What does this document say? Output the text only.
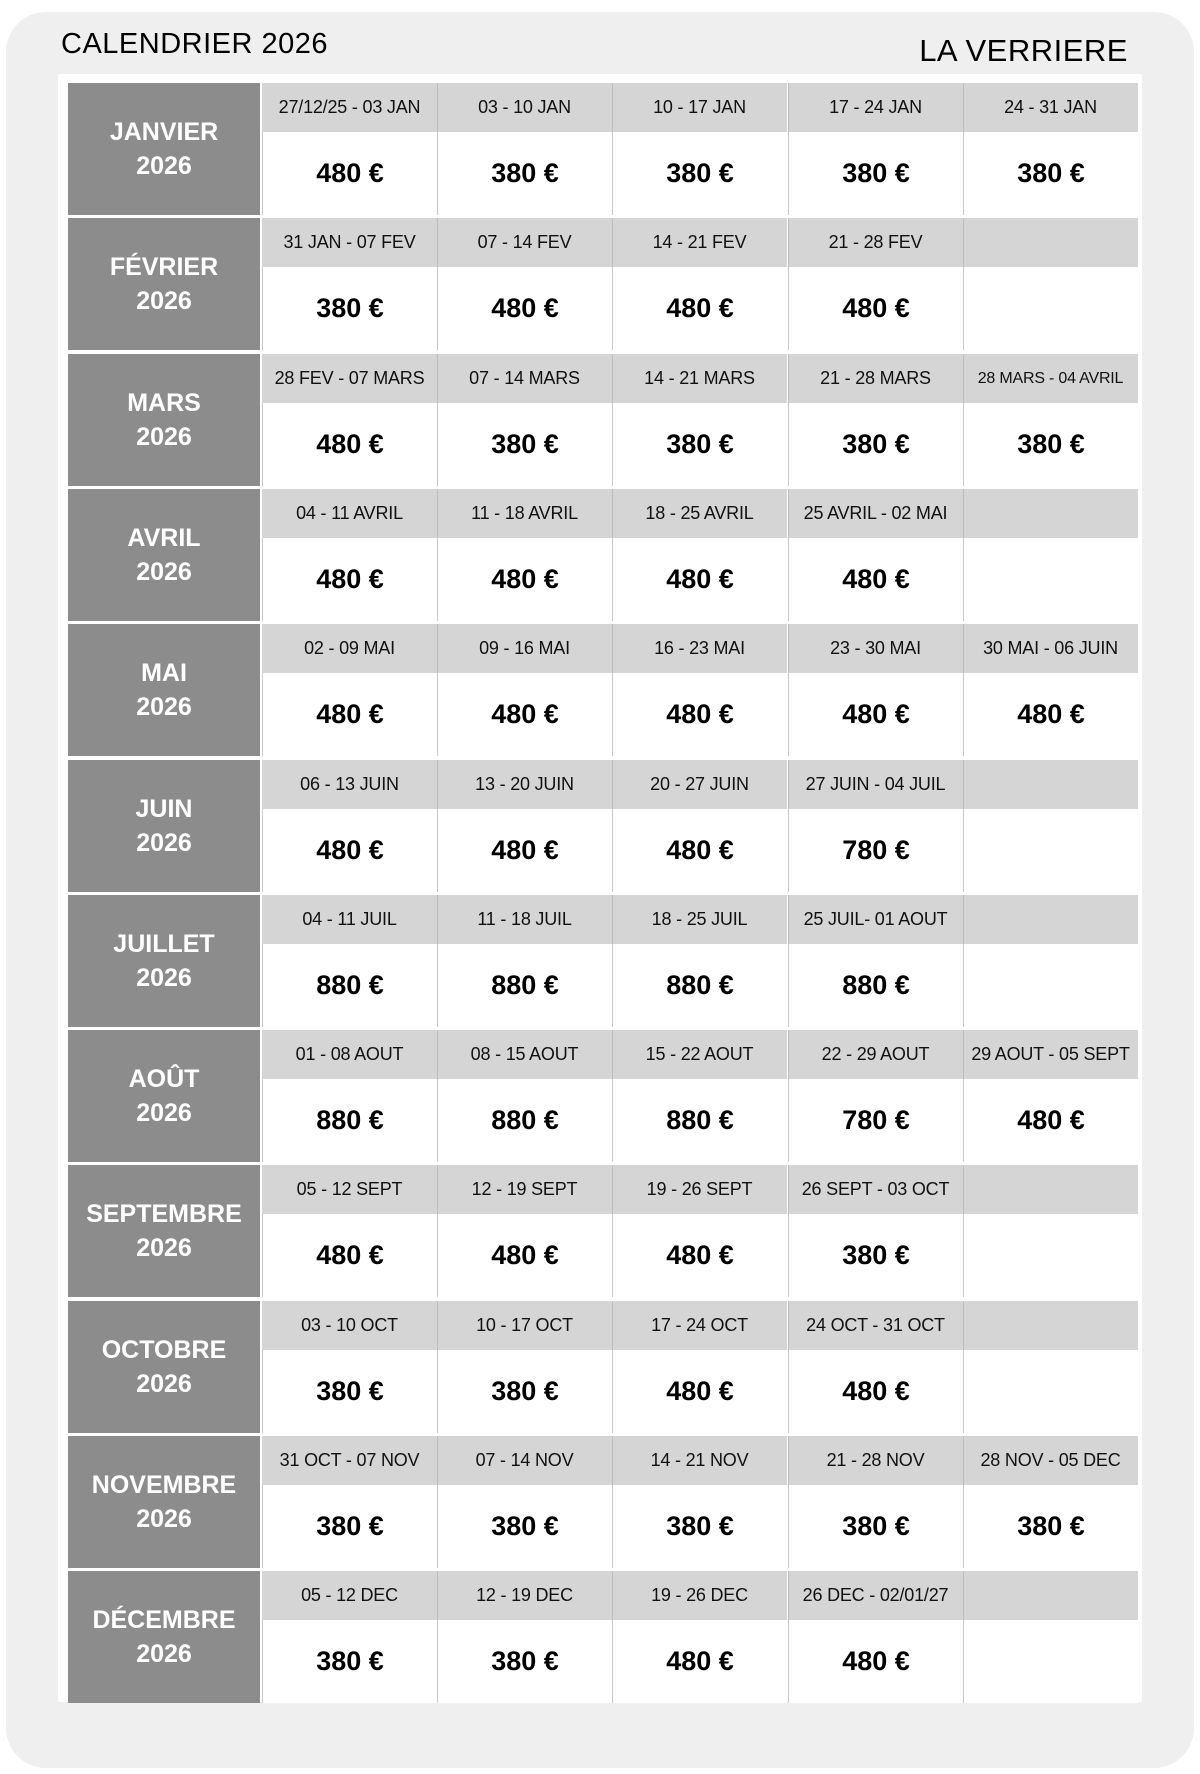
CALENDRIER 2026	LA VERRIERE
JANVIER
2026
27/12/25 - 03 JAN
480 €
03 - 10 JAN
380 €
10 - 17 JAN
380 €
17 - 24 JAN
380 €
24 - 31 JAN
380 €
FÉVRIER
2026
31 JAN - 07 FEV
380 €
07 - 14 FEV
480 €
14 - 21 FEV
480 €
21 - 28 FEV
480 €
MARS
2026
28 FEV - 07 MARS
480 €
07 - 14 MARS
380 €
14 - 21 MARS
380 €
21 - 28 MARS
380 €
28 MARS - 04 AVRIL
380 €
AVRIL
2026
04 - 11 AVRIL
480 €
11 - 18 AVRIL
480 €
18 - 25 AVRIL
480 €
25 AVRIL - 02 MAI
480 €
MAI
2026
02 - 09 MAI
480 €
09 - 16 MAI
480 €
16 - 23 MAI
480 €
23 - 30 MAI
480 €
30 MAI - 06 JUIN
480 €
JUIN
2026
06 - 13 JUIN
480 €
13 - 20 JUIN
480 €
20 - 27 JUIN
480 €
27 JUIN - 04 JUIL
780 €
JUILLET
2026
04 - 11 JUIL
880 €
11 - 18 JUIL
880 €
18 - 25 JUIL
880 €
25 JUIL- 01 AOUT
880 €
AOÛT
2026
01 - 08 AOUT
880 €
08 - 15 AOUT
880 €
15 - 22 AOUT
880 €
22 - 29 AOUT
780 €
29 AOUT - 05 SEPT
480 €
SEPTEMBRE
2026
05 - 12 SEPT
480 €
12 - 19 SEPT
480 €
19 - 26 SEPT
480 €
26 SEPT - 03 OCT
380 €
OCTOBRE
2026
03 - 10 OCT
380 €
10 - 17 OCT
380 €
17 - 24 OCT
480 €
24 OCT - 31 OCT
480 €
NOVEMBRE
2026
31 OCT - 07 NOV
380 €
07 - 14 NOV
380 €
14 - 21 NOV
380 €
21 - 28 NOV
380 €
28 NOV - 05 DEC
380 €
DÉCEMBRE
2026
05 - 12 DEC
380 €
12 - 19 DEC
380 €
19 - 26 DEC
480 €
26 DEC - 02/01/27
480 €
